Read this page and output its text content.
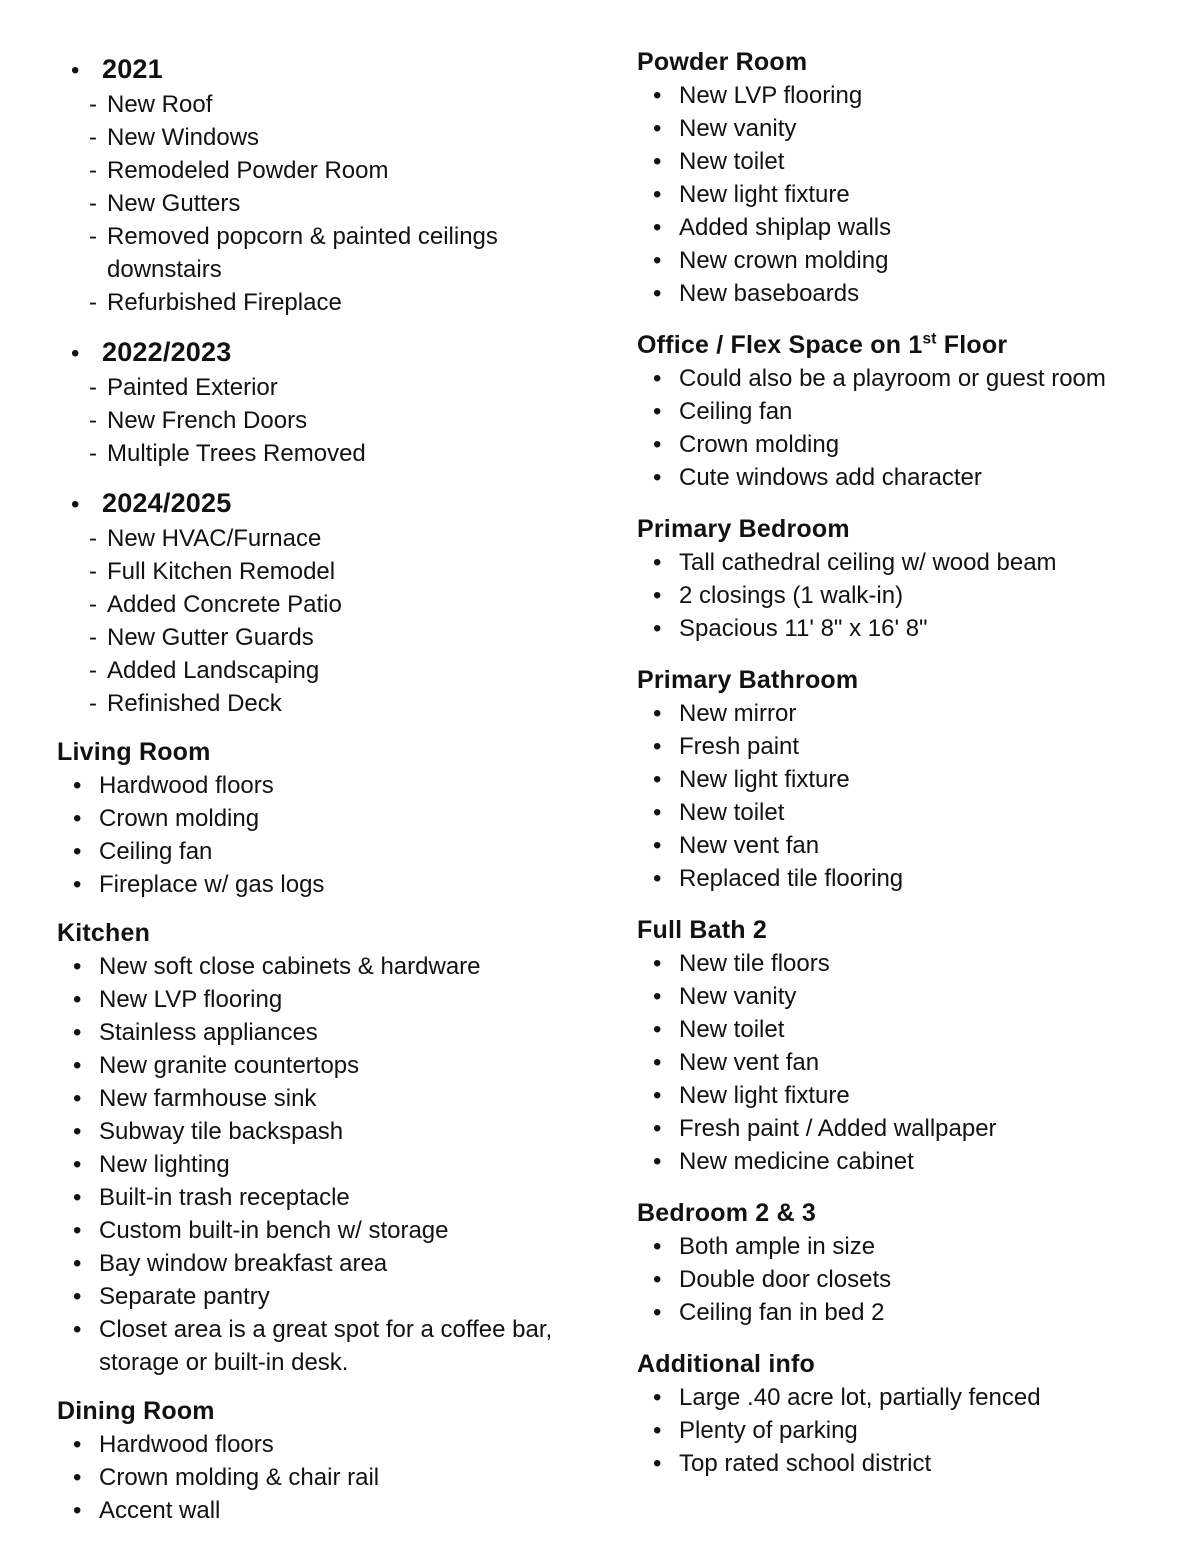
• 2021
- New Roof
- New Windows
- Remodeled Powder Room
- New Gutters
- Removed popcorn & painted ceilings downstairs
- Refurbished Fireplace
• 2022/2023
- Painted Exterior
- New French Doors
- Multiple Trees Removed
• 2024/2025
- New HVAC/Furnace
- Full Kitchen Remodel
- Added Concrete Patio
- New Gutter Guards
- Added Landscaping
- Refinished Deck
Living Room
• Hardwood floors
• Crown molding
• Ceiling fan
• Fireplace w/ gas logs
Kitchen
• New soft close cabinets & hardware
• New LVP flooring
• Stainless appliances
• New granite countertops
• New farmhouse sink
• Subway tile backspash
• New lighting
• Built-in trash receptacle
• Custom built-in bench w/ storage
• Bay window breakfast area
• Separate pantry
• Closet area is a great spot for a coffee bar, storage or built-in desk.
Dining Room
• Hardwood floors
• Crown molding & chair rail
• Accent wall
Powder Room
• New LVP flooring
• New vanity
• New toilet
• New light fixture
• Added shiplap walls
• New crown molding
• New baseboards
Office / Flex Space on 1st Floor
• Could also be a playroom or guest room
• Ceiling fan
• Crown molding
• Cute windows add character
Primary Bedroom
• Tall cathedral ceiling w/ wood beam
• 2 closings (1 walk-in)
• Spacious 11' 8" x 16' 8"
Primary Bathroom
• New mirror
• Fresh paint
• New light fixture
• New toilet
• New vent fan
• Replaced tile flooring
Full Bath 2
• New tile floors
• New vanity
• New toilet
• New vent fan
• New light fixture
• Fresh paint / Added wallpaper
• New medicine cabinet
Bedroom 2 & 3
• Both ample in size
• Double door closets
• Ceiling fan in bed 2
Additional info
• Large .40 acre lot, partially fenced
• Plenty of parking
• Top rated school district
